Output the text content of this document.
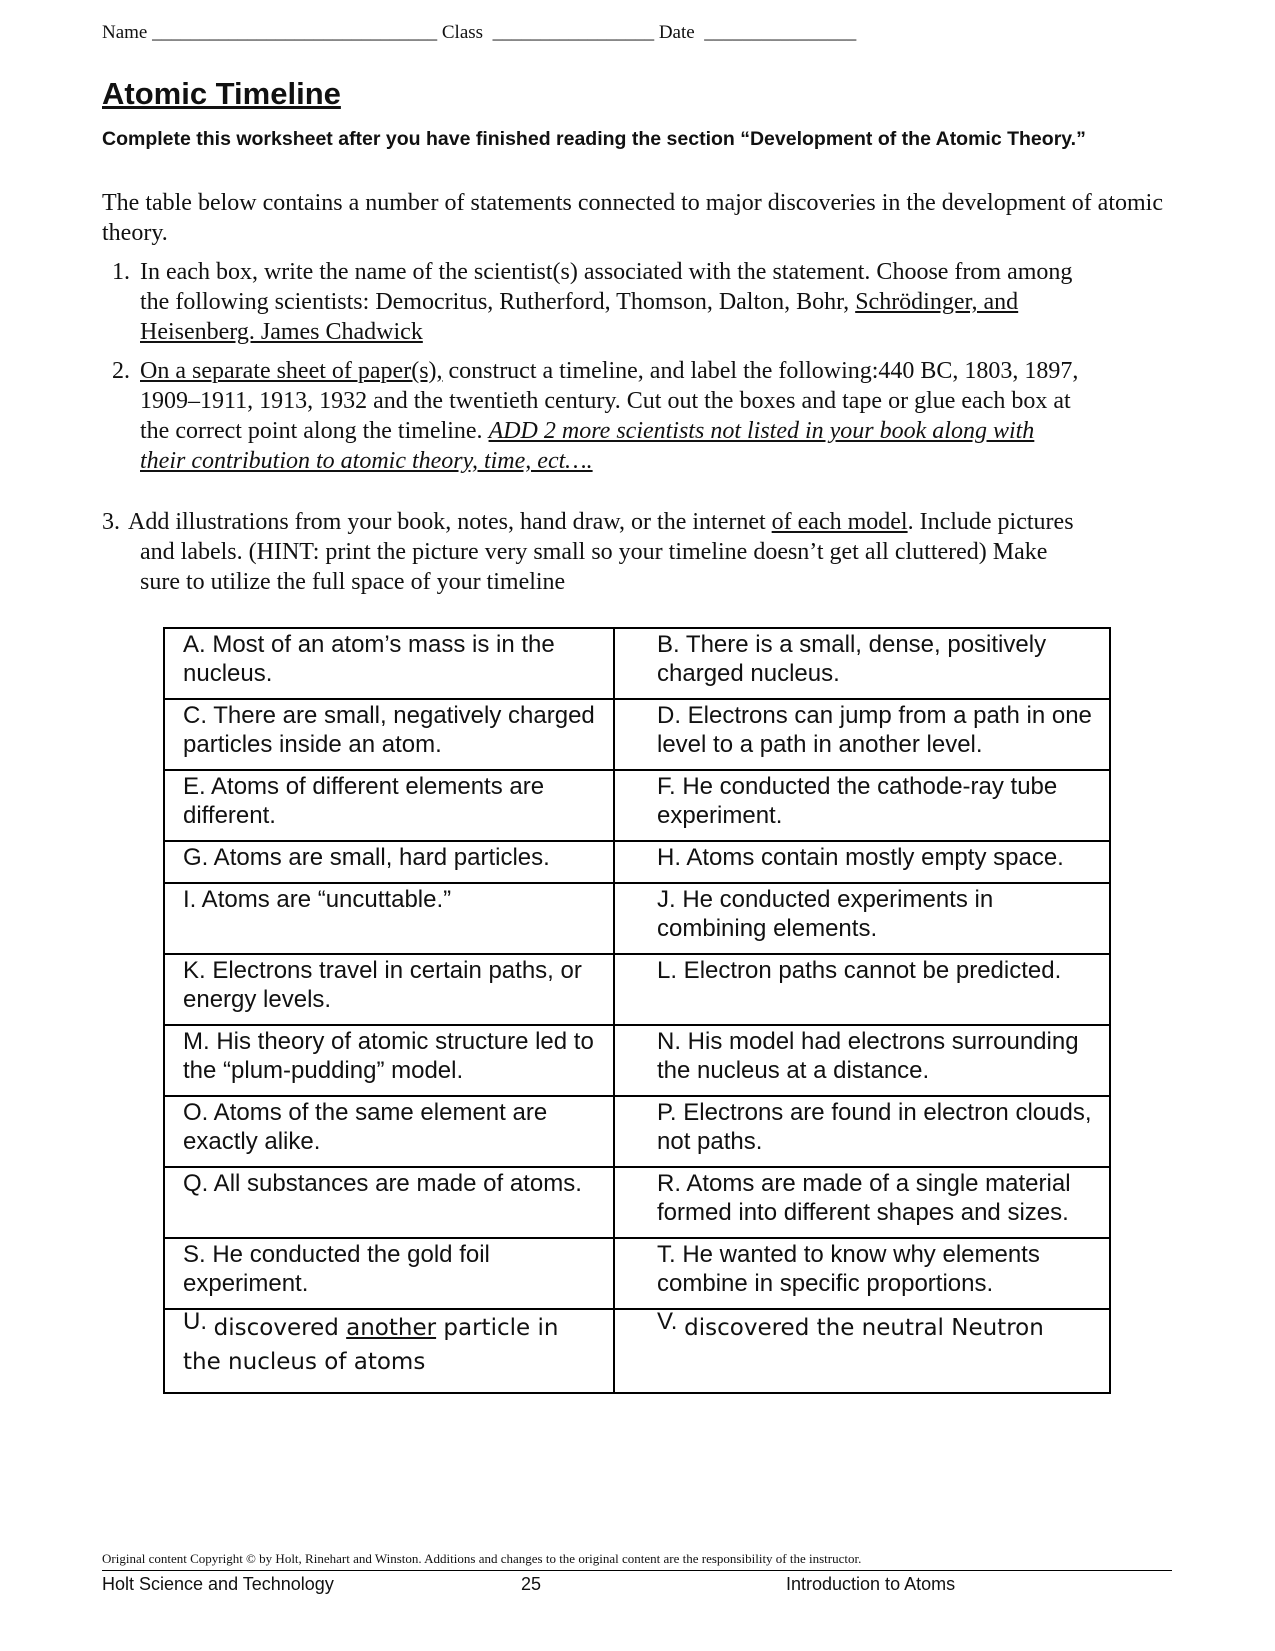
Name ______________________________ Class _________________ Date ________________
Atomic Timeline
Complete this worksheet after you have finished reading the section “Development of the Atomic Theory.”
The table below contains a number of statements connected to major discoveries in the development of atomic theory.
1. In each box, write the name of the scientist(s) associated with the statement. Choose from among
the following scientists: Democritus, Rutherford, Thomson, Dalton, Bohr, Schrödinger, and
Heisenberg. James Chadwick
2. On a separate sheet of paper(s), construct a timeline, and label the following:440 BC, 1803, 1897,
1909–1911, 1913, 1932 and the twentieth century. Cut out the boxes and tape or glue each box at
the correct point along the timeline. ADD 2 more scientists not listed in your book along with
their contribution to atomic theory, time, ect….
3. Add illustrations from your book, notes, hand draw, or the internet of each model. Include pictures
and labels. (HINT: print the picture very small so your timeline doesn’t get all cluttered) Make
sure to utilize the full space of your timeline
A. Most of an atom’s mass is in the nucleus.	B. There is a small, dense, positively charged nucleus.
C. There are small, negatively charged particles inside an atom.	D. Electrons can jump from a path in one level to a path in another level.
E. Atoms of different elements are different.	F. He conducted the cathode-ray tube experiment.
G. Atoms are small, hard particles.	H. Atoms contain mostly empty space.
I. Atoms are “uncuttable.”	J. He conducted experiments in combining elements.
K. Electrons travel in certain paths, or energy levels.	L. Electron paths cannot be predicted.
M. His theory of atomic structure led to the “plum-pudding” model.	N. His model had electrons surrounding the nucleus at a distance.
O. Atoms of the same element are exactly alike.	P. Electrons are found in electron clouds, not paths.
Q. All substances are made of atoms.	R. Atoms are made of a single material formed into different shapes and sizes.
S. He conducted the gold foil experiment.	T. He wanted to know why elements combine in specific proportions.
U. discovered another particle in
the nucleus of atoms	V. discovered the neutral Neutron
Original content Copyright © by Holt, Rinehart and Winston. Additions and changes to the original content are the responsibility of the instructor.
Holt Science and Technology	25	Introduction to Atoms
